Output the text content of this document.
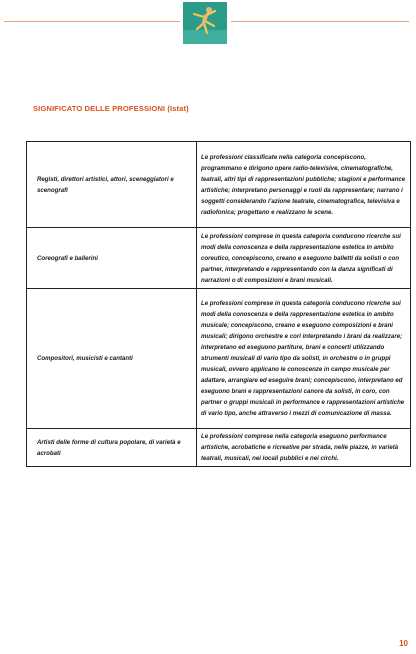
SIGNIFICATO DELLE PROFESSIONI (Istat)
Registi, direttori artistici, attori, sceneggiatori e scenografi	Le professioni classificate nella categoria concepiscono, programmano e dirigono opere radio-televisive, cinematografiche, teatrali, altri tipi di rappresentazioni pubbliche; stagioni e performance artistiche; interpretano personaggi e ruoli da rappresentare; narrano i soggetti considerando l’azione teatrale, cinematografica, televisiva e radiofonica; progettano e realizzano le scene.
Coreografi e ballerini	Le professioni comprese in questa categoria conducono ricerche sui modi della conoscenza e della rappresentazione estetica in ambito coreutico, concepiscono, creano e eseguono balletti da solisti o con partner, interpretando e rappresentando con la danza significati di narrazioni o di composizioni e brani musicali.
Compositori, musicisti e cantanti	Le professioni comprese in questa categoria conducono ricerche sui modi della conoscenza e della rappresentazione estetica in ambito musicale; concepiscono, creano e eseguono composizioni e brani musicali; dirigono orchestre e cori interpretando i brani da realizzare; interpretano ed eseguono partiture, brani e concerti utilizzando strumenti musicali di vario tipo da solisti, in orchestre o in gruppi musicali, ovvero applicano le conoscenze in campo musicale per adattare, arrangiare ed eseguire brani; concepiscono, interpretano ed eseguono brani e rappresentazioni canore da solisti, in coro, con partner o gruppi musicali in performance e rappresentazioni artistiche di vario tipo, anche attraverso i mezzi di comunicazione di massa.
Artisti delle forme di cultura popolare, di varietà e acrobati	Le professioni comprese nella categoria eseguono performance artistiche, acrobatiche e ricreative per strada, nelle piazze, in varietà teatrali, musicali, nei locali pubblici e nei circhi.
10
